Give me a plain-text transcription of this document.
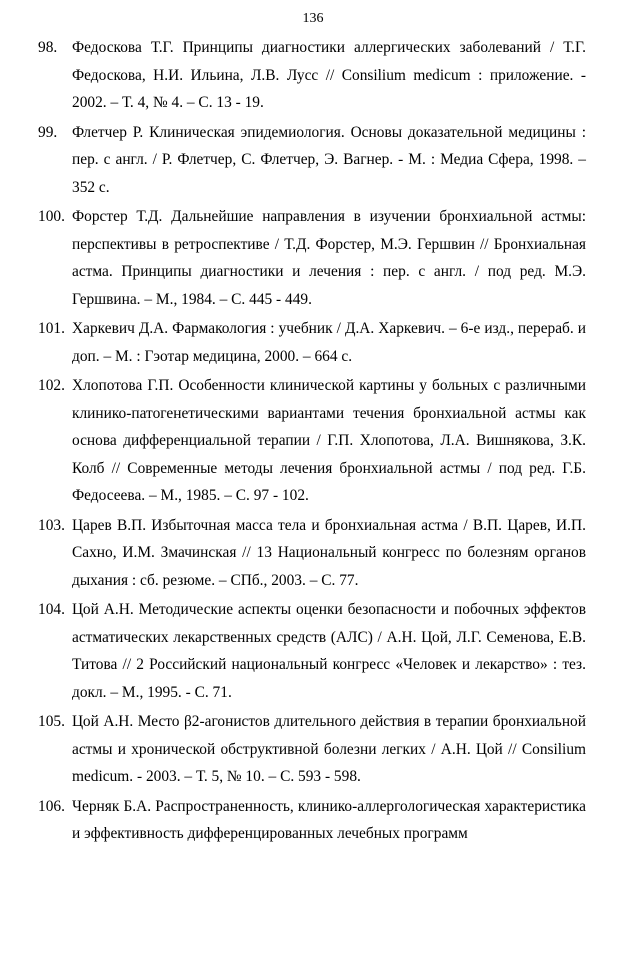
136
98. Федоскова Т.Г. Принципы диагностики аллергических заболеваний / Т.Г. Федоскова, Н.И. Ильина, Л.В. Лусс // Consilium medicum : приложение. - 2002. – Т. 4, № 4. – С. 13 - 19.
99. Флетчер Р. Клиническая эпидемиология. Основы доказательной медицины : пер. с англ. / Р. Флетчер, С. Флетчер, Э. Вагнер. - М. : Медиа Сфера, 1998. – 352 с.
100. Форстер Т.Д. Дальнейшие направления в изучении бронхиальной астмы: перспективы в ретроспективе / Т.Д. Форстер, М.Э. Гершвин // Бронхиальная астма. Принципы диагностики и лечения : пер. с англ. / под ред. М.Э. Гершвина. – М., 1984. – С. 445 - 449.
101. Харкевич Д.А. Фармакология : учебник / Д.А. Харкевич. – 6-е изд., перераб. и доп. – М. : Гэотар медицина, 2000. – 664 с.
102. Хлопотова Г.П. Особенности клинической картины у больных с различными клинико-патогенетическими вариантами течения бронхиальной астмы как основа дифференциальной терапии / Г.П. Хлопотова, Л.А. Вишнякова, З.К. Колб // Современные методы лечения бронхиальной астмы / под ред. Г.Б. Федосеева. – М., 1985. – С. 97 - 102.
103. Царев В.П. Избыточная масса тела и бронхиальная астма / В.П. Царев, И.П. Сахно, И.М. Змачинская // 13 Национальный конгресс по болезням органов дыхания : сб. резюме. – СПб., 2003. – С. 77.
104. Цой А.Н. Методические аспекты оценки безопасности и побочных эффектов астматических лекарственных средств (АЛС) / А.Н. Цой, Л.Г. Семенова, Е.В. Титова // 2 Российский национальный конгресс «Человек и лекарство» : тез. докл. – М., 1995. - С. 71.
105. Цой А.Н. Место β2-агонистов длительного действия в терапии бронхиальной астмы и хронической обструктивной болезни легких / А.Н. Цой // Consilium medicum. - 2003. – Т. 5, № 10. – С. 593 - 598.
106. Черняк Б.А. Распространенность, клинико-аллергологическая характеристика и эффективность дифференцированных лечебных программ
